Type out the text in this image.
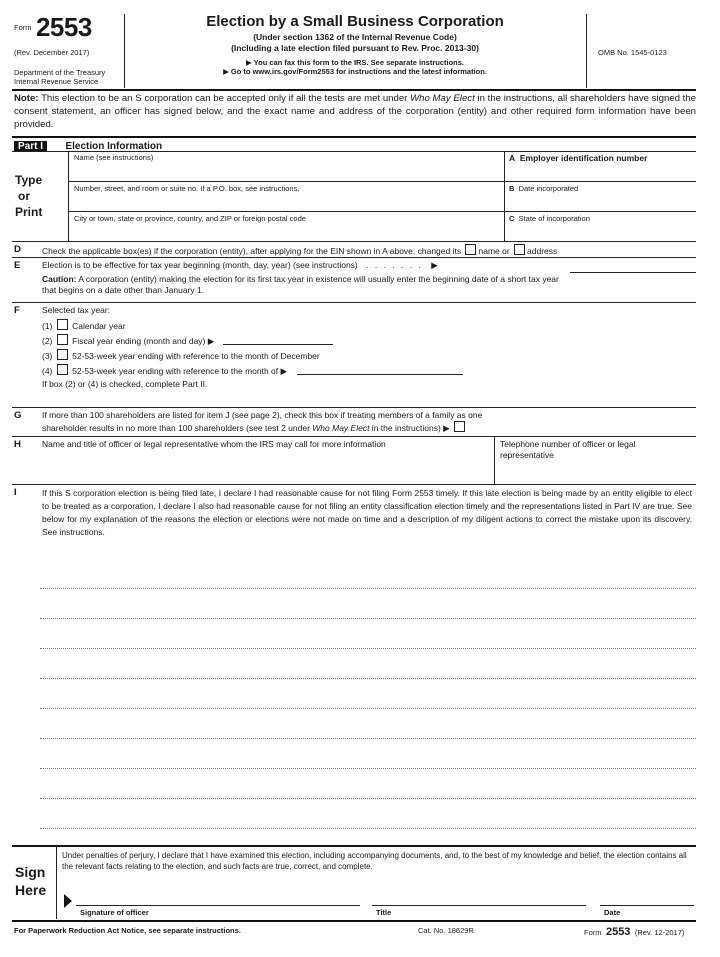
$^{Form}$ 2553
(Rev. December 2017)
Department of the Treasury
Internal Revenue Service
Election by a Small Business Corporation
(Under section 1362 of the Internal Revenue Code)
(Including a late election filed pursuant to Rev. Proc. 2013-30)
▶ You can fax this form to the IRS. See separate instructions.
▶ Go to www.irs.gov/Form2553 for instructions and the latest information.
OMB No. 1545-0123
Note: This election to be an S corporation can be accepted only if all the tests are met under Who May Elect in the instructions, all shareholders have signed the consent statement, an officer has signed below, and the exact name and address of the corporation (entity) and other required form information have been provided.
Part I Election Information
Type
or
Print
Name (see instructions)	A Employer identification number
Number, street, and room or suite no. If a P.O. box, see instructions.	B Date incorporated
City or town, state or province, country, and ZIP or foreign postal code	C State of incorporation
D Check the applicable box(es) if the corporation (entity), after applying for the EIN shown in A above, changed its name or address
E	Election is to be effective for tax year beginning (month, day, year) (see instructions) . . . . . . . ▶
Caution: A corporation (entity) making the election for its first tax year in existence will usually enter the beginning date of a short tax year that begins on a date other than January 1.
F	Selected tax year:
(1) Calendar year
(2) Fiscal year ending (month and day) ▶
(3) 52-53-week year ending with reference to the month of December
(4) 52-53-week year ending with reference to the month of ▶
If box (2) or (4) is checked, complete Part II.
G If more than 100 shareholders are listed for item J (see page 2), check this box if treating members of a family as one
shareholder results in no more than 100 shareholders (see test 2 under Who May Elect in the instructions) ▶
H Name and title of officer or legal representative whom the IRS may call for more information	Telephone number of officer or legal representative
I	If this S corporation election is being filed late, I declare I had reasonable cause for not filing Form 2553 timely. If this late election is being made by an entity eligible to elect to be treated as a corporation, I declare I also had reasonable cause for not filing an entity classification election timely and the representations listed in Part IV are true. See below for my explanation of the reasons the election or elections were not made on time and a description of my diligent actions to correct the mistake upon its discovery. See instructions.
Sign
Here
Under penalties of perjury, I declare that I have examined this election, including accompanying documents, and, to the best of my knowledge and belief, the election contains all the relevant facts relating to the election, and such facts are true, correct, and complete.
Signature of officer	Title	Date
For Paperwork Reduction Act Notice, see separate instructions.	Cat. No. 18629R	Form 2553 (Rev. 12-2017)
